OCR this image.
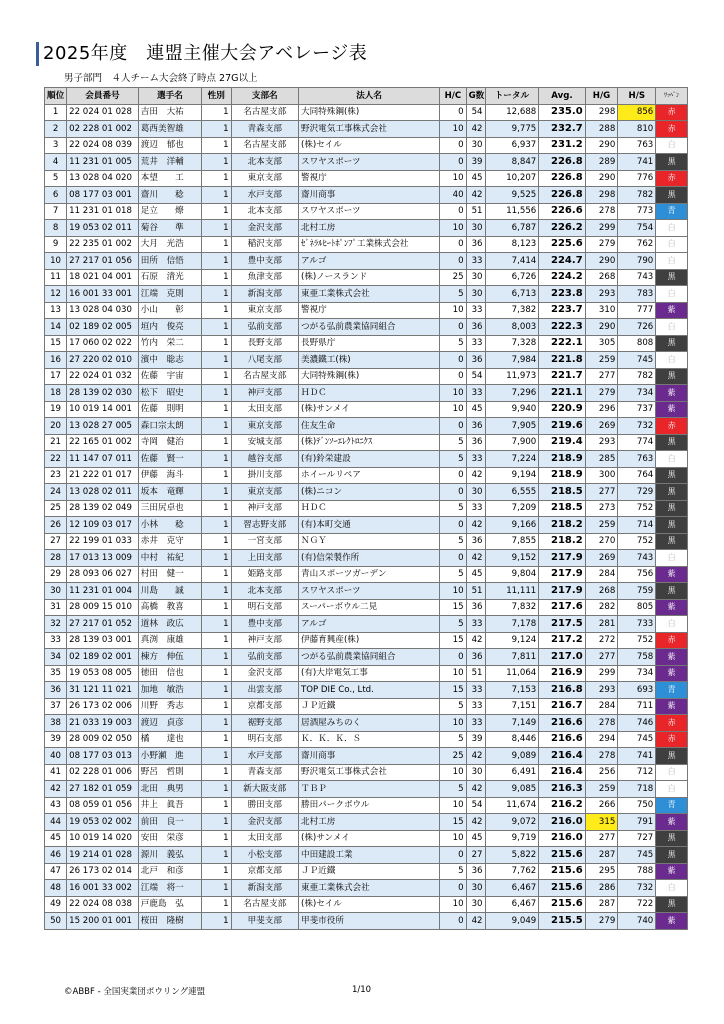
2025年度　連盟主催大会アベレージ表
男子部門　４人チーム大会終了時点 27G以上
順位	会員番号	選手名	性別	支部名	法人名	H/C	G数	トータル	Avg.	H/G	H/S	ﾜｯﾍﾟﾝ
1	22 024 01 028	吉田　大祐	1	名古屋支部	大同特殊鋼(株)	0	54	12,688	235.0	298	856	赤
2	02 228 01 002	葛西美智雄	1	青森支部	野沢電気工事株式会社	10	42	9,775	232.7	288	810	赤
3	22 024 08 039	渡辺　郁也	1	名古屋支部	(株)セイル	0	30	6,937	231.2	290	763	白
4	11 231 01 005	荒井　洋輔	1	北本支部	スワヤスポーツ	0	39	8,847	226.8	289	741	黒
5	13 028 04 020	本望　　工	1	東京支部	警視庁	10	45	10,207	226.8	290	776	赤
6	08 177 03 001	齋川　　稔	1	水戸支部	齋川商事	40	42	9,525	226.8	298	782	黒
7	11 231 01 018	足立　　燎	1	北本支部	スワヤスポーツ	0	51	11,556	226.6	278	773	青
8	19 053 02 011	菊谷　　準	1	金沢支部	北村工房	10	30	6,787	226.2	299	754	白
9	22 235 01 002	大月　光浩	1	稲沢支部	ｾﾞﾈﾗﾙﾋｰﾄﾎﾟﾝﾌﾟ工業株式会社	0	36	8,123	225.6	279	762	白
10	27 217 01 056	田所　信悟	1	豊中支部	アルゴ	0	33	7,414	224.7	290	790	白
11	18 021 04 001	石原　清光	1	魚津支部	(株)ノースランド	25	30	6,726	224.2	268	743	黒
12	16 001 33 001	江端　克則	1	新潟支部	東亜工業株式会社	5	30	6,713	223.8	293	783	白
13	13 028 04 030	小山　　彰	1	東京支部	警視庁	10	33	7,382	223.7	310	777	紫
14	02 189 02 005	垣内　俊亮	1	弘前支部	つがる弘前農業協同組合	0	36	8,003	222.3	290	726	白
15	17 060 02 022	竹内　栄二	1	長野支部	長野県庁	5	33	7,328	222.1	305	808	黒
16	27 220 02 010	濱中　聡志	1	八尾支部	美濃鐵工(株)	0	36	7,984	221.8	259	745	白
17	22 024 01 032	佐藤　宇宙	1	名古屋支部	大同特殊鋼(株)	0	54	11,973	221.7	277	782	黒
18	28 139 02 030	松下　昭史	1	神戸支部	ＨＤＣ	10	33	7,296	221.1	279	734	紫
19	10 019 14 001	佐藤　則明	1	太田支部	(株)サンメイ	10	45	9,940	220.9	296	737	紫
20	13 028 27 005	森口宗太朗	1	東京支部	住友生命	0	36	7,905	219.6	269	732	赤
21	22 165 01 002	寺岡　健治	1	安城支部	(株)ﾃﾞﾝｿｰｴﾚｸﾄﾛﾆｸｽ	5	36	7,900	219.4	293	774	黒
22	11 147 07 011	佐藤　賢一	1	越谷支部	(有)鈴栄建設	5	33	7,224	218.9	285	763	白
23	21 222 01 017	伊藤　海斗	1	掛川支部	ホイールリペア	0	42	9,194	218.9	300	764	黒
24	13 028 02 011	坂本　竜輝	1	東京支部	(株)ニコン	0	30	6,555	218.5	277	729	黒
25	28 139 02 049	三田尻卓也	1	神戸支部	ＨＤＣ	5	33	7,209	218.5	273	752	黒
26	12 109 03 017	小林　　稔	1	習志野支部	(有)本町交通	0	42	9,166	218.2	259	714	黒
27	22 199 01 033	赤井　克守	1	一宮支部	ＮＧＹ	5	36	7,855	218.2	270	752	黒
28	17 013 13 009	中村　祐紀	1	上田支部	(有)信栄製作所	0	42	9,152	217.9	269	743	白
29	28 093 06 027	村田　健一	1	姫路支部	青山スポーツガーデン	5	45	9,804	217.9	284	756	紫
30	11 231 01 004	川島　　誠	1	北本支部	スワヤスポーツ	10	51	11,111	217.9	268	759	黒
31	28 009 15 010	高橋　教喜	1	明石支部	スーパーボウル二見	15	36	7,832	217.6	282	805	紫
32	27 217 01 052	道林　政広	1	豊中支部	アルゴ	5	33	7,178	217.5	281	733	白
33	28 139 03 001	真渕　康雄	1	神戸支部	伊藤育興産(株)	15	42	9,124	217.2	272	752	赤
34	02 189 02 001	棟方　伸伍	1	弘前支部	つがる弘前農業協同組合	0	36	7,811	217.0	277	758	紫
35	19 053 08 005	徳田　信也	1	金沢支部	(有)大岸電気工事	10	51	11,064	216.9	299	734	紫
36	31 121 11 021	加地　敏浩	1	出雲支部	TOP DIE Co., Ltd.	15	33	7,153	216.8	293	693	青
37	26 173 02 006	川野　秀志	1	京都支部	ＪＰ近鐵	5	33	7,151	216.7	284	711	紫
38	21 033 19 003	渡辺　貞彦	1	裾野支部	居酒屋みちのく	10	33	7,149	216.6	278	746	赤
39	28 009 02 050	橘　　達也	1	明石支部	Ｋ．Ｋ．Ｋ．Ｓ	5	39	8,446	216.6	294	745	赤
40	08 177 03 013	小野瀬　進	1	水戸支部	齋川商事	25	42	9,089	216.4	278	741	黒
41	02 228 01 006	野呂　哲則	1	青森支部	野沢電気工事株式会社	10	30	6,491	216.4	256	712	白
42	27 182 01 059	北田　典男	1	新大阪支部	ＴＢＰ	5	42	9,085	216.3	259	718	白
43	08 059 01 056	井上　眞吾	1	勝田支部	勝田パークボウル	10	54	11,674	216.2	266	750	青
44	19 053 02 002	前田　良一	1	金沢支部	北村工房	15	42	9,072	216.0	315	791	紫
45	10 019 14 020	安田　栄彦	1	太田支部	(株)サンメイ	10	45	9,719	216.0	277	727	黒
46	19 214 01 028	源川　義弘	1	小松支部	中田建設工業	0	27	5,822	215.6	287	745	黒
47	26 173 02 014	北戸　和彦	1	京都支部	ＪＰ近鐵	5	36	7,762	215.6	295	788	紫
48	16 001 33 002	江端　将一	1	新潟支部	東亜工業株式会社	0	30	6,467	215.6	286	732	白
49	22 024 08 038	戸鹿島　弘	1	名古屋支部	(株)セイル	10	30	6,467	215.6	287	722	黒
50	15 200 01 001	桜田　隆樹	1	甲斐支部	甲斐市役所	0	42	9,049	215.5	279	740	紫
©ABBF - 全国実業団ボウリング連盟	1/10
